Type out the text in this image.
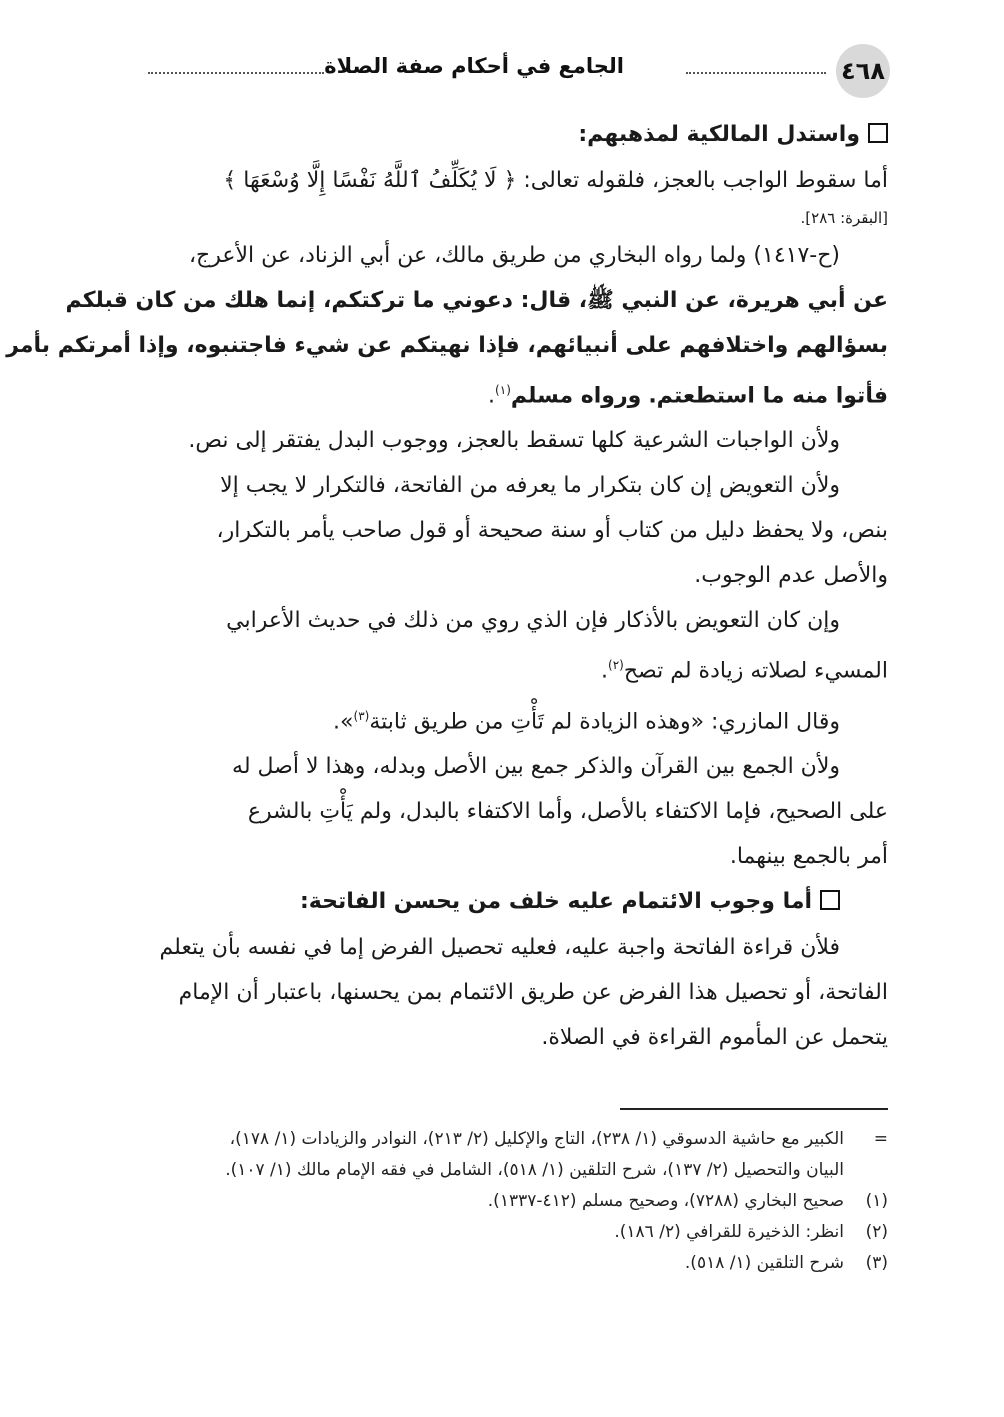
٤٦٨
الجامع في أحكام صفة الصلاة
واستدل المالكية لمذهبهم:
أما سقوط الواجب بالعجز، فلقوله تعالى: ﴿ لَا يُكَلِّفُ ٱللَّهُ نَفْسًا إِلَّا وُسْعَهَا ﴾
[البقرة: ٢٨٦].
(ح-١٤١٧) ولما رواه البخاري من طريق مالك، عن أبي الزناد، عن الأعرج،
عن أبي هريرة، عن النبي ﷺ، قال: دعوني ما تركتكم، إنما هلك من كان قبلكم
بسؤالهم واختلافهم على أنبيائهم، فإذا نهيتكم عن شيء فاجتنبوه، وإذا أمرتكم بأمر
فأتوا منه ما استطعتم. ورواه مسلم$^{(١)}$.
ولأن الواجبات الشرعية كلها تسقط بالعجز، ووجوب البدل يفتقر إلى نص.
ولأن التعويض إن كان بتكرار ما يعرفه من الفاتحة، فالتكرار لا يجب إلا
بنص، ولا يحفظ دليل من كتاب أو سنة صحيحة أو قول صاحب يأمر بالتكرار،
والأصل عدم الوجوب.
وإن كان التعويض بالأذكار فإن الذي روي من ذلك في حديث الأعرابي
المسيء لصلاته زيادة لم تصح$^{(٢)}$.
وقال المازري: «وهذه الزيادة لم تَأْتِ من طريق ثابتة$^{(٣)}$».
ولأن الجمع بين القرآن والذكر جمع بين الأصل وبدله، وهذا لا أصل له
على الصحيح، فإما الاكتفاء بالأصل، وأما الاكتفاء بالبدل، ولم يَأْتِ بالشرع
أمر بالجمع بينهما.
أما وجوب الائتمام عليه خلف من يحسن الفاتحة:
فلأن قراءة الفاتحة واجبة عليه، فعليه تحصيل الفرض إما في نفسه بأن يتعلم
الفاتحة، أو تحصيل هذا الفرض عن طريق الائتمام بمن يحسنها، باعتبار أن الإمام
يتحمل عن المأموم القراءة في الصلاة.
=الكبير مع حاشية الدسوقي (١/ ٢٣٨)، التاج والإكليل (٢/ ٢١٣)، النوادر والزيادات (١/ ١٧٨)،
البيان والتحصيل (٢/ ١٣٧)، شرح التلقين (١/ ٥١٨)، الشامل في فقه الإمام مالك (١/ ١٠٧).
(١)صحيح البخاري (٧٢٨٨)، وصحيح مسلم (٤١٢-١٣٣٧).
(٢)انظر: الذخيرة للقرافي (٢/ ١٨٦).
(٣)شرح التلقين (١/ ٥١٨).
